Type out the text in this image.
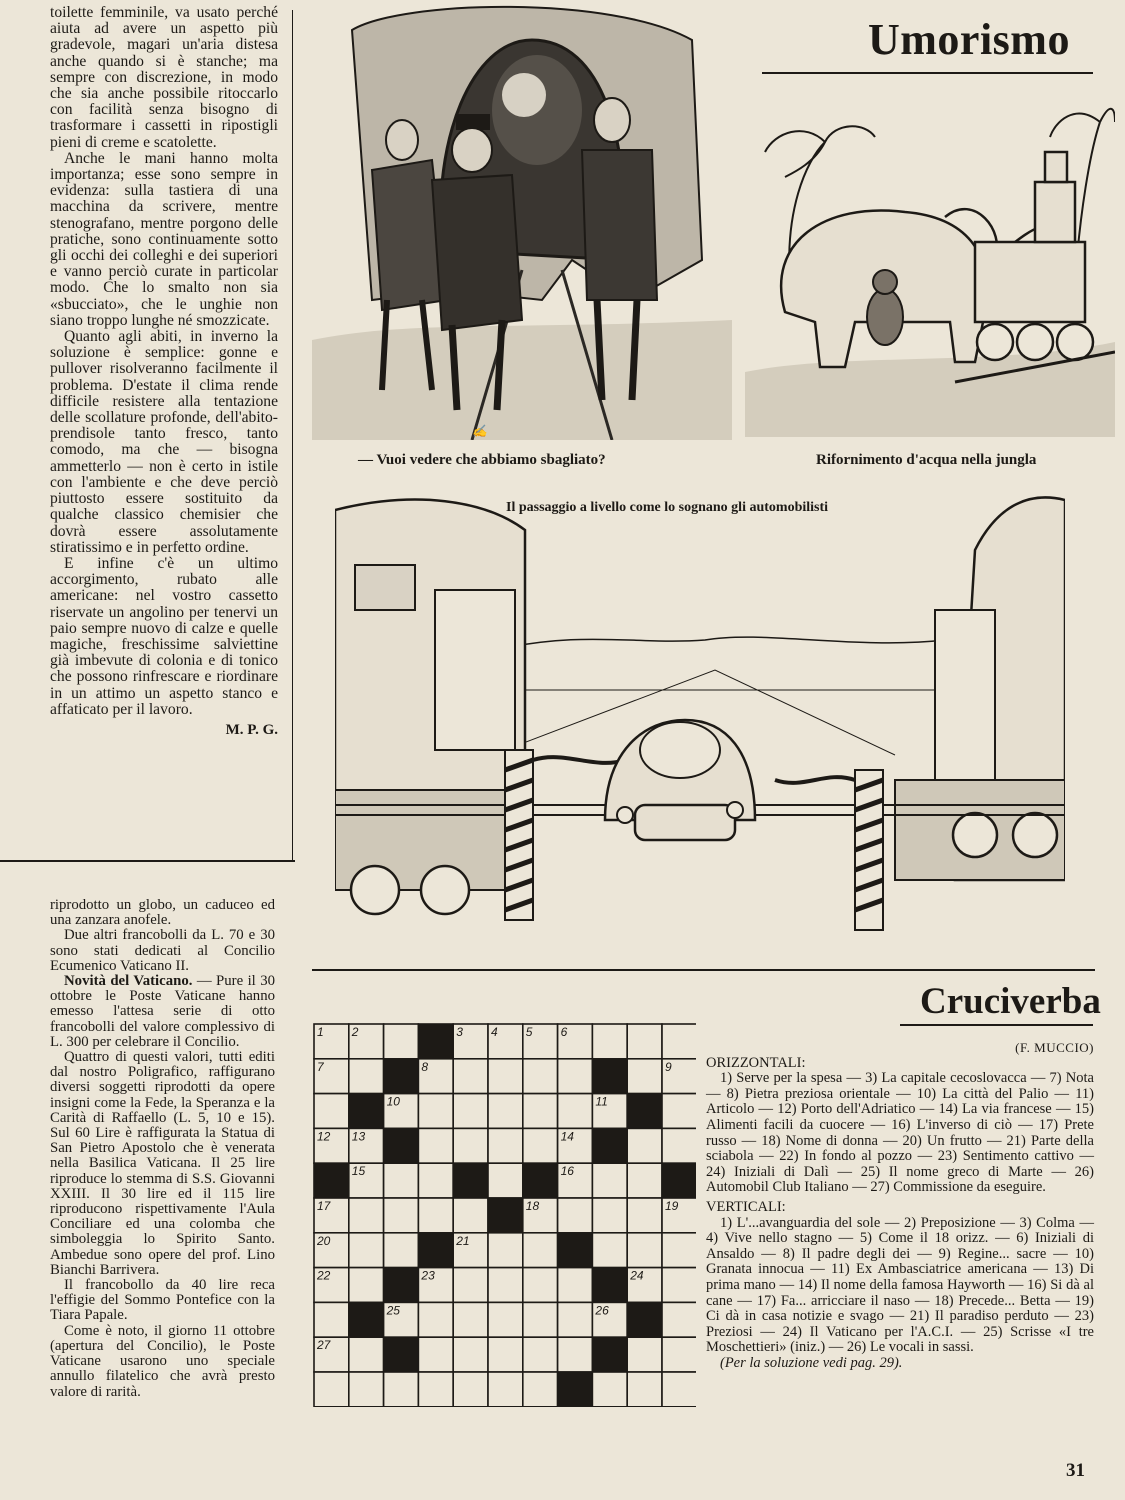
toilette femminile, va usato perché aiuta ad avere un aspetto più gradevole, magari un'aria distesa anche quando si è stanche; ma sempre con discrezione, in modo che sia anche possibile ritoccarlo con facilità senza bisogno di trasformare i cassetti in ripostigli pieni di creme e scatolette.

Anche le mani hanno molta importanza; esse sono sempre in evidenza: sulla tastiera di una macchina da scrivere, mentre stenografano, mentre porgono delle pratiche, sono continuamente sotto gli occhi dei colleghi e dei superiori e vanno perciò curate in particolar modo. Che lo smalto non sia «sbucciato», che le unghie non siano troppo lunghe né smozzicate.

Quanto agli abiti, in inverno la soluzione è semplice: gonne e pullover risolveranno facilmente il problema. D'estate il clima rende difficile resistere alla tentazione delle scollature profonde, dell'abito-prendisole tanto fresco, tanto comodo, ma che — bisogna ammetterlo — non è certo in istile con l'ambiente e che deve perciò piuttosto essere sostituito da qualche classico chemisier che dovrà essere assolutamente stiratissimo e in perfetto ordine.

E infine c'è un ultimo accorgimento, rubato alle americane: nel vostro cassetto riservate un angolino per tenervi un paio sempre nuovo di calze e quelle magiche, freschissime salviettine già imbevute di colonia e di tonico che possono rinfrescare e riordinare in un attimo un aspetto stanco e affaticato per il lavoro.

M. P. G.

riprodotto un globo, un caduceo ed una zanzara anofele.

Due altri francobolli da L. 70 e 30 sono stati dedicati al Concilio Ecumenico Vaticano II.

Novità del Vaticano. — Pure il 30 ottobre le Poste Vaticane hanno emesso l'attesa serie di otto francobolli del valore complessivo di L. 300 per celebrare il Concilio.

Quattro di questi valori, tutti editi dal nostro Poligrafico, raffigurano diversi soggetti riprodotti da opere insigni come la Fede, la Speranza e la Carità di Raffaello (L. 5, 10 e 15). Sul 60 Lire è raffigurata la Statua di San Pietro Apostolo che è venerata nella Basilica Vaticana. Il 25 lire riproduce lo stemma di S.S. Giovanni XXIII. Il 30 lire ed il 115 lire riproducono rispettivamente l'Aula Conciliare ed una colomba che simboleggia lo Spirito Santo. Ambedue sono opere del prof. Lino Bianchi Barrivera.

Il francobollo da 40 lire reca l'effigie del Sommo Pontefice con la Tiara Papale.

Come è noto, il giorno 11 ottobre (apertura del Concilio), le Poste Vaticane usarono uno speciale annullo filatelico che avrà presto valore di rarità.

✍
— Vuoi vedere che abbiamo sbagliato?
Umorismo
Rifornimento d'acqua nella jungla
Il passaggio a livello come lo sognano gli automobilisti
Cruciverba
1 2	3 4 5 6
7	8	9
10	11
12 13	14
15	16
17	18	19
20	21
22	23	24
25	26
27
(F. MUCCIO)

ORIZZONTALI:

1) Serve per la spesa — 3) La capitale cecoslovacca — 7) Nota — 8) Pietra preziosa orientale — 10) La città del Palio — 11) Articolo — 12) Porto dell'Adriatico — 14) La via francese — 15) Alimenti facili da cuocere — 16) L'inverso di ciò — 17) Prete russo — 18) Nome di donna — 20) Un frutto — 21) Parte della sciabola — 22) In fondo al pozzo — 23) Sentimento cattivo — 24) Iniziali di Dalì — 25) Il nome greco di Marte — 26) Automobil Club Italiano — 27) Commissione da eseguire.

VERTICALI:

1) L'...avanguardia del sole — 2) Preposizione — 3) Colma — 4) Vive nello stagno — 5) Come il 18 orizz. — 6) Iniziali di Ansaldo — 8) Il padre degli dei — 9) Regine... sacre — 10) Granata innocua — 11) Ex Ambasciatrice americana — 13) Di prima mano — 14) Il nome della famosa Hayworth — 16) Si dà al cane — 17) Fa... arricciare il naso — 18) Precede... Betta — 19) Ci dà in casa notizie e svago — 21) Il paradiso perduto — 23) Preziosi — 24) Il Vaticano per l'A.C.I. — 25) Scrisse «I tre Moschettieri» (iniz.) — 26) Le vocali in sassi.

(Per la soluzione vedi pag. 29).

31
